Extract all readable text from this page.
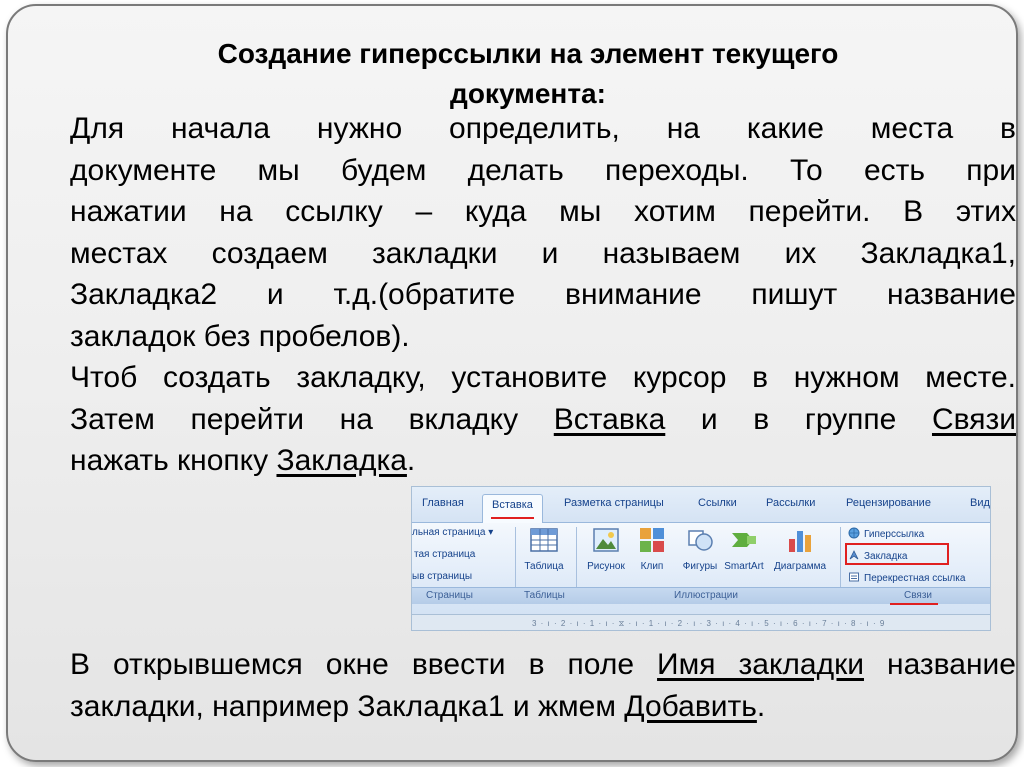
Создание гиперссылки на элемент текущего
документа:
Для начала нужно определить, на какие места в
документе мы будем делать переходы. То есть при
нажатии на ссылку – куда мы хотим перейти. В этих
местах создаем закладки и называем их Закладка1,
Закладка2 и т.д.(обратите внимание пишут название
закладок без пробелов).
Чтоб создать закладку, установите курсор в нужном месте.
Затем перейти на вкладку Вставка и в группе Связи
нажать кнопку Закладка.
Главная	Вставка	Разметка страницы	Ссылки	Рассылки	Рецензирование	Вид
льная страница ▾
тая страница
ыв страницы
Таблица	Рисунок	Клип	Фигуры SmartArt	Диаграмма
Гиперссылка
Закладка
Перекрестная ссылка
Страницы	Таблицы	Иллюстрации	Связи
3 · ı · 2 · ı · 1 · ı · ⧖ · ı · 1 · ı · 2 · ı · 3 · ı · 4 · ı · 5 · ı · 6 · ı · 7 · ı · 8 · ı · 9
В открывшемся окне ввести в поле Имя закладки название
закладки, например Закладка1 и жмем Добавить.
